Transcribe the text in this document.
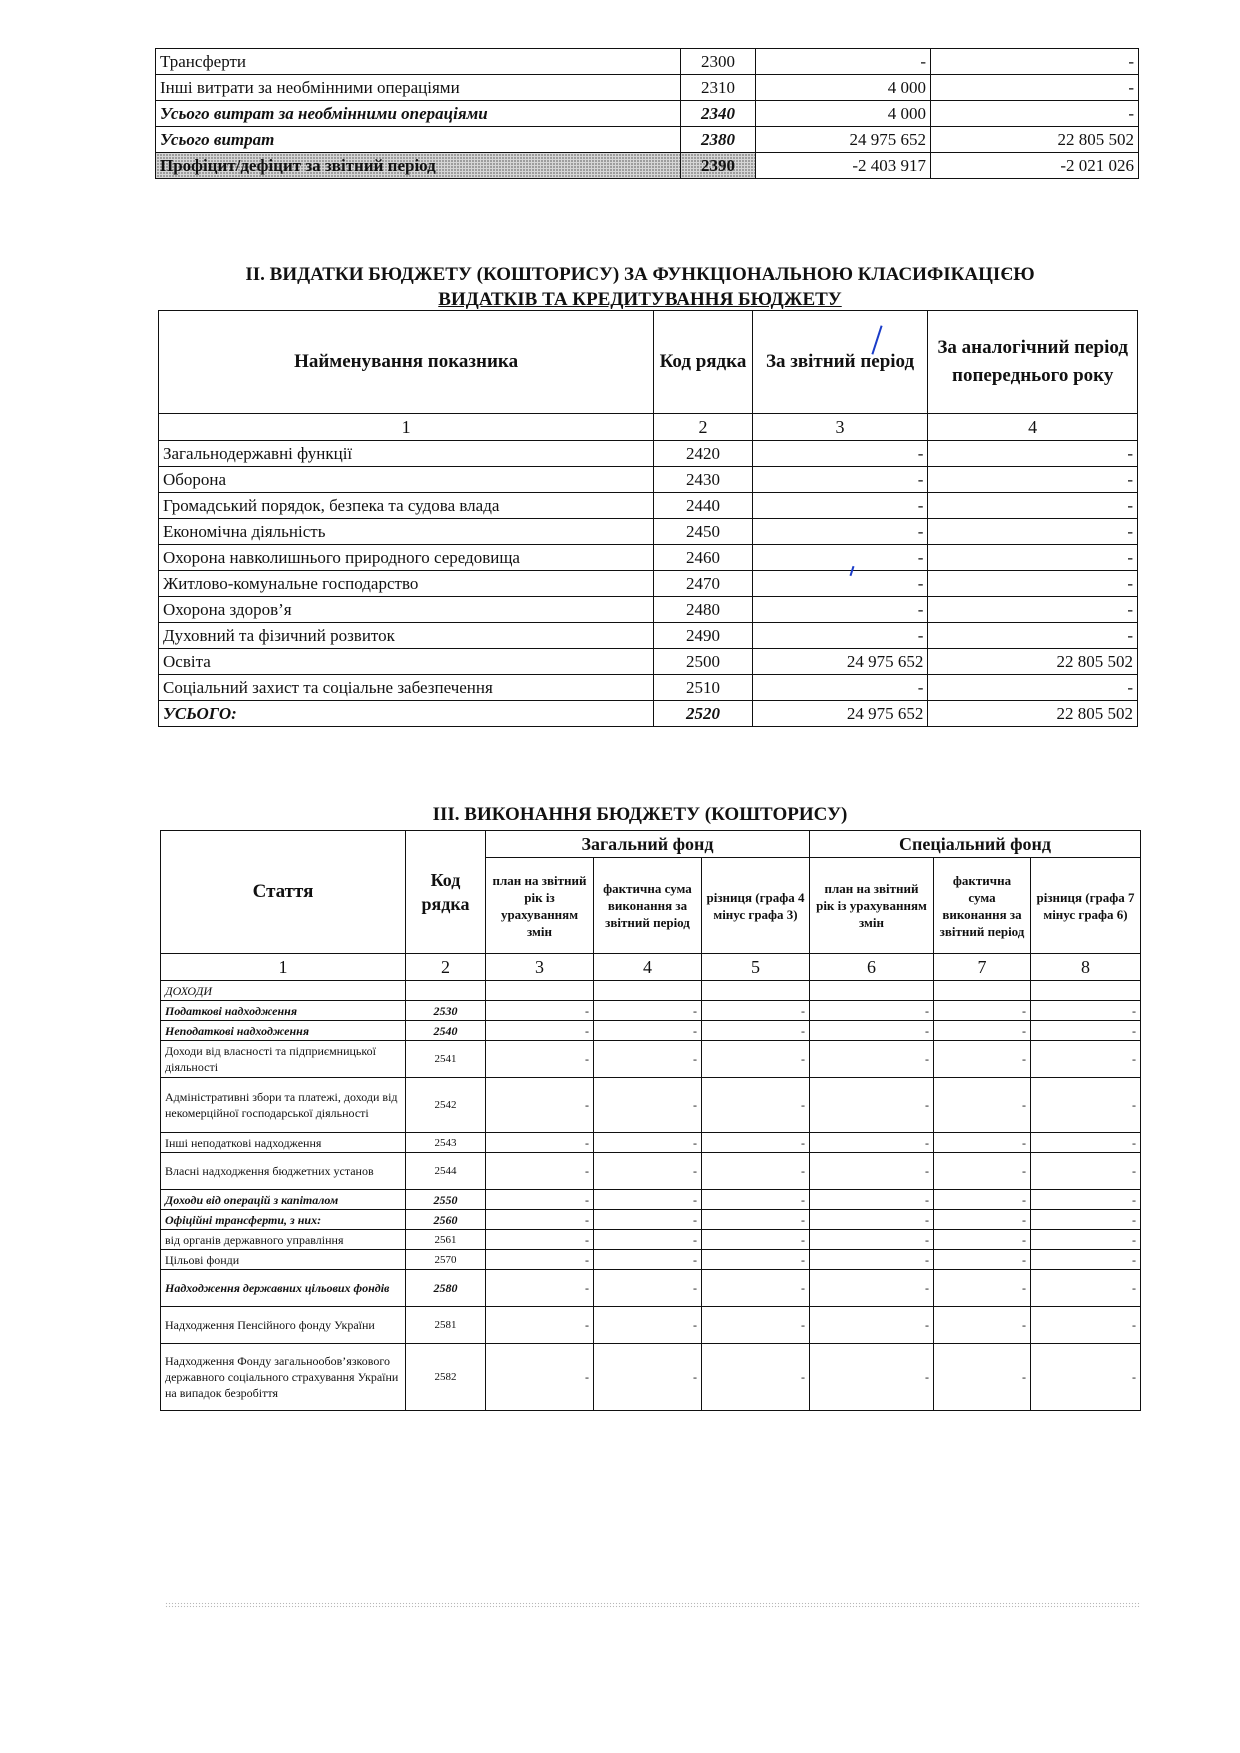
Трансферти	2300	-	-
Інші витрати за необмінними операціями	2310	4 000	-
Усього витрат за необмінними операціями	2340	4 000	-
Усього витрат	2380	24 975 652	22 805 502
Профіцит/дефіцит за звітний період	2390	-2 403 917	-2 021 026
ІІ. ВИДАТКИ БЮДЖЕТУ (КОШТОРИСУ) ЗА ФУНКЦІОНАЛЬНОЮ КЛАСИФІКАЦІЄЮ
ВИДАТКІВ ТА КРЕДИТУВАННЯ БЮДЖЕТУ
Найменування показника	Код рядка	За звітний період	За аналогічний період попереднього року
1	2	3	4
Загальнодержавні функції	2420	-	-
Оборона	2430	-	-
Громадський порядок, безпека та судова влада	2440	-	-
Економічна діяльність	2450	-	-
Охорона навколишнього природного середовища	2460	-	-
Житлово-комунальне господарство	2470	-	-
Охорона здоров’я	2480	-	-
Духовний та фізичний розвиток	2490	-	-
Освіта	2500	24 975 652	22 805 502
Соціальний захист та соціальне забезпечення	2510	-	-
УСЬОГО:	2520	24 975 652	22 805 502
ІІІ. ВИКОНАННЯ БЮДЖЕТУ (КОШТОРИСУ)
Стаття	Код рядка	Загальний фонд			Спеціальний фонд		
		план на звітний рік із урахуванням змін	фактична сума виконання за звітний період	різниця (графа 4 мінус графа 3)	план на звітний рік із урахуванням змін	фактична сума виконання за звітний період	різниця (графа 7 мінус графа 6)
1	2	3	4	5	6	7	8
ДОХОДИ							
Податкові надходження	2530	-	-	-	-	-	-
Неподаткові надходження	2540	-	-	-	-	-	-
Доходи від власності та підприємницької діяльності	2541	-	-	-	-	-	-
Адміністративні збори та платежі, доходи від некомерційної господарської діяльності	2542	-	-	-	-	-	-
Інші неподаткові надходження	2543	-	-	-	-	-	-
Власні надходження бюджетних установ	2544	-	-	-	-	-	-
Доходи від операцій з капіталом	2550	-	-	-	-	-	-
Офіційні трансферти, з них:	2560	-	-	-	-	-	-
від органів державного управління	2561	-	-	-	-	-	-
Цільові фонди	2570	-	-	-	-	-	-
Надходження державних цільових фондів	2580	-	-	-	-	-	-
Надходження Пенсійного фонду України	2581	-	-	-	-	-	-
Надходження Фонду загальнообов’язкового державного соціального страхування України на випадок безробіття	2582	-	-	-	-	-	-
